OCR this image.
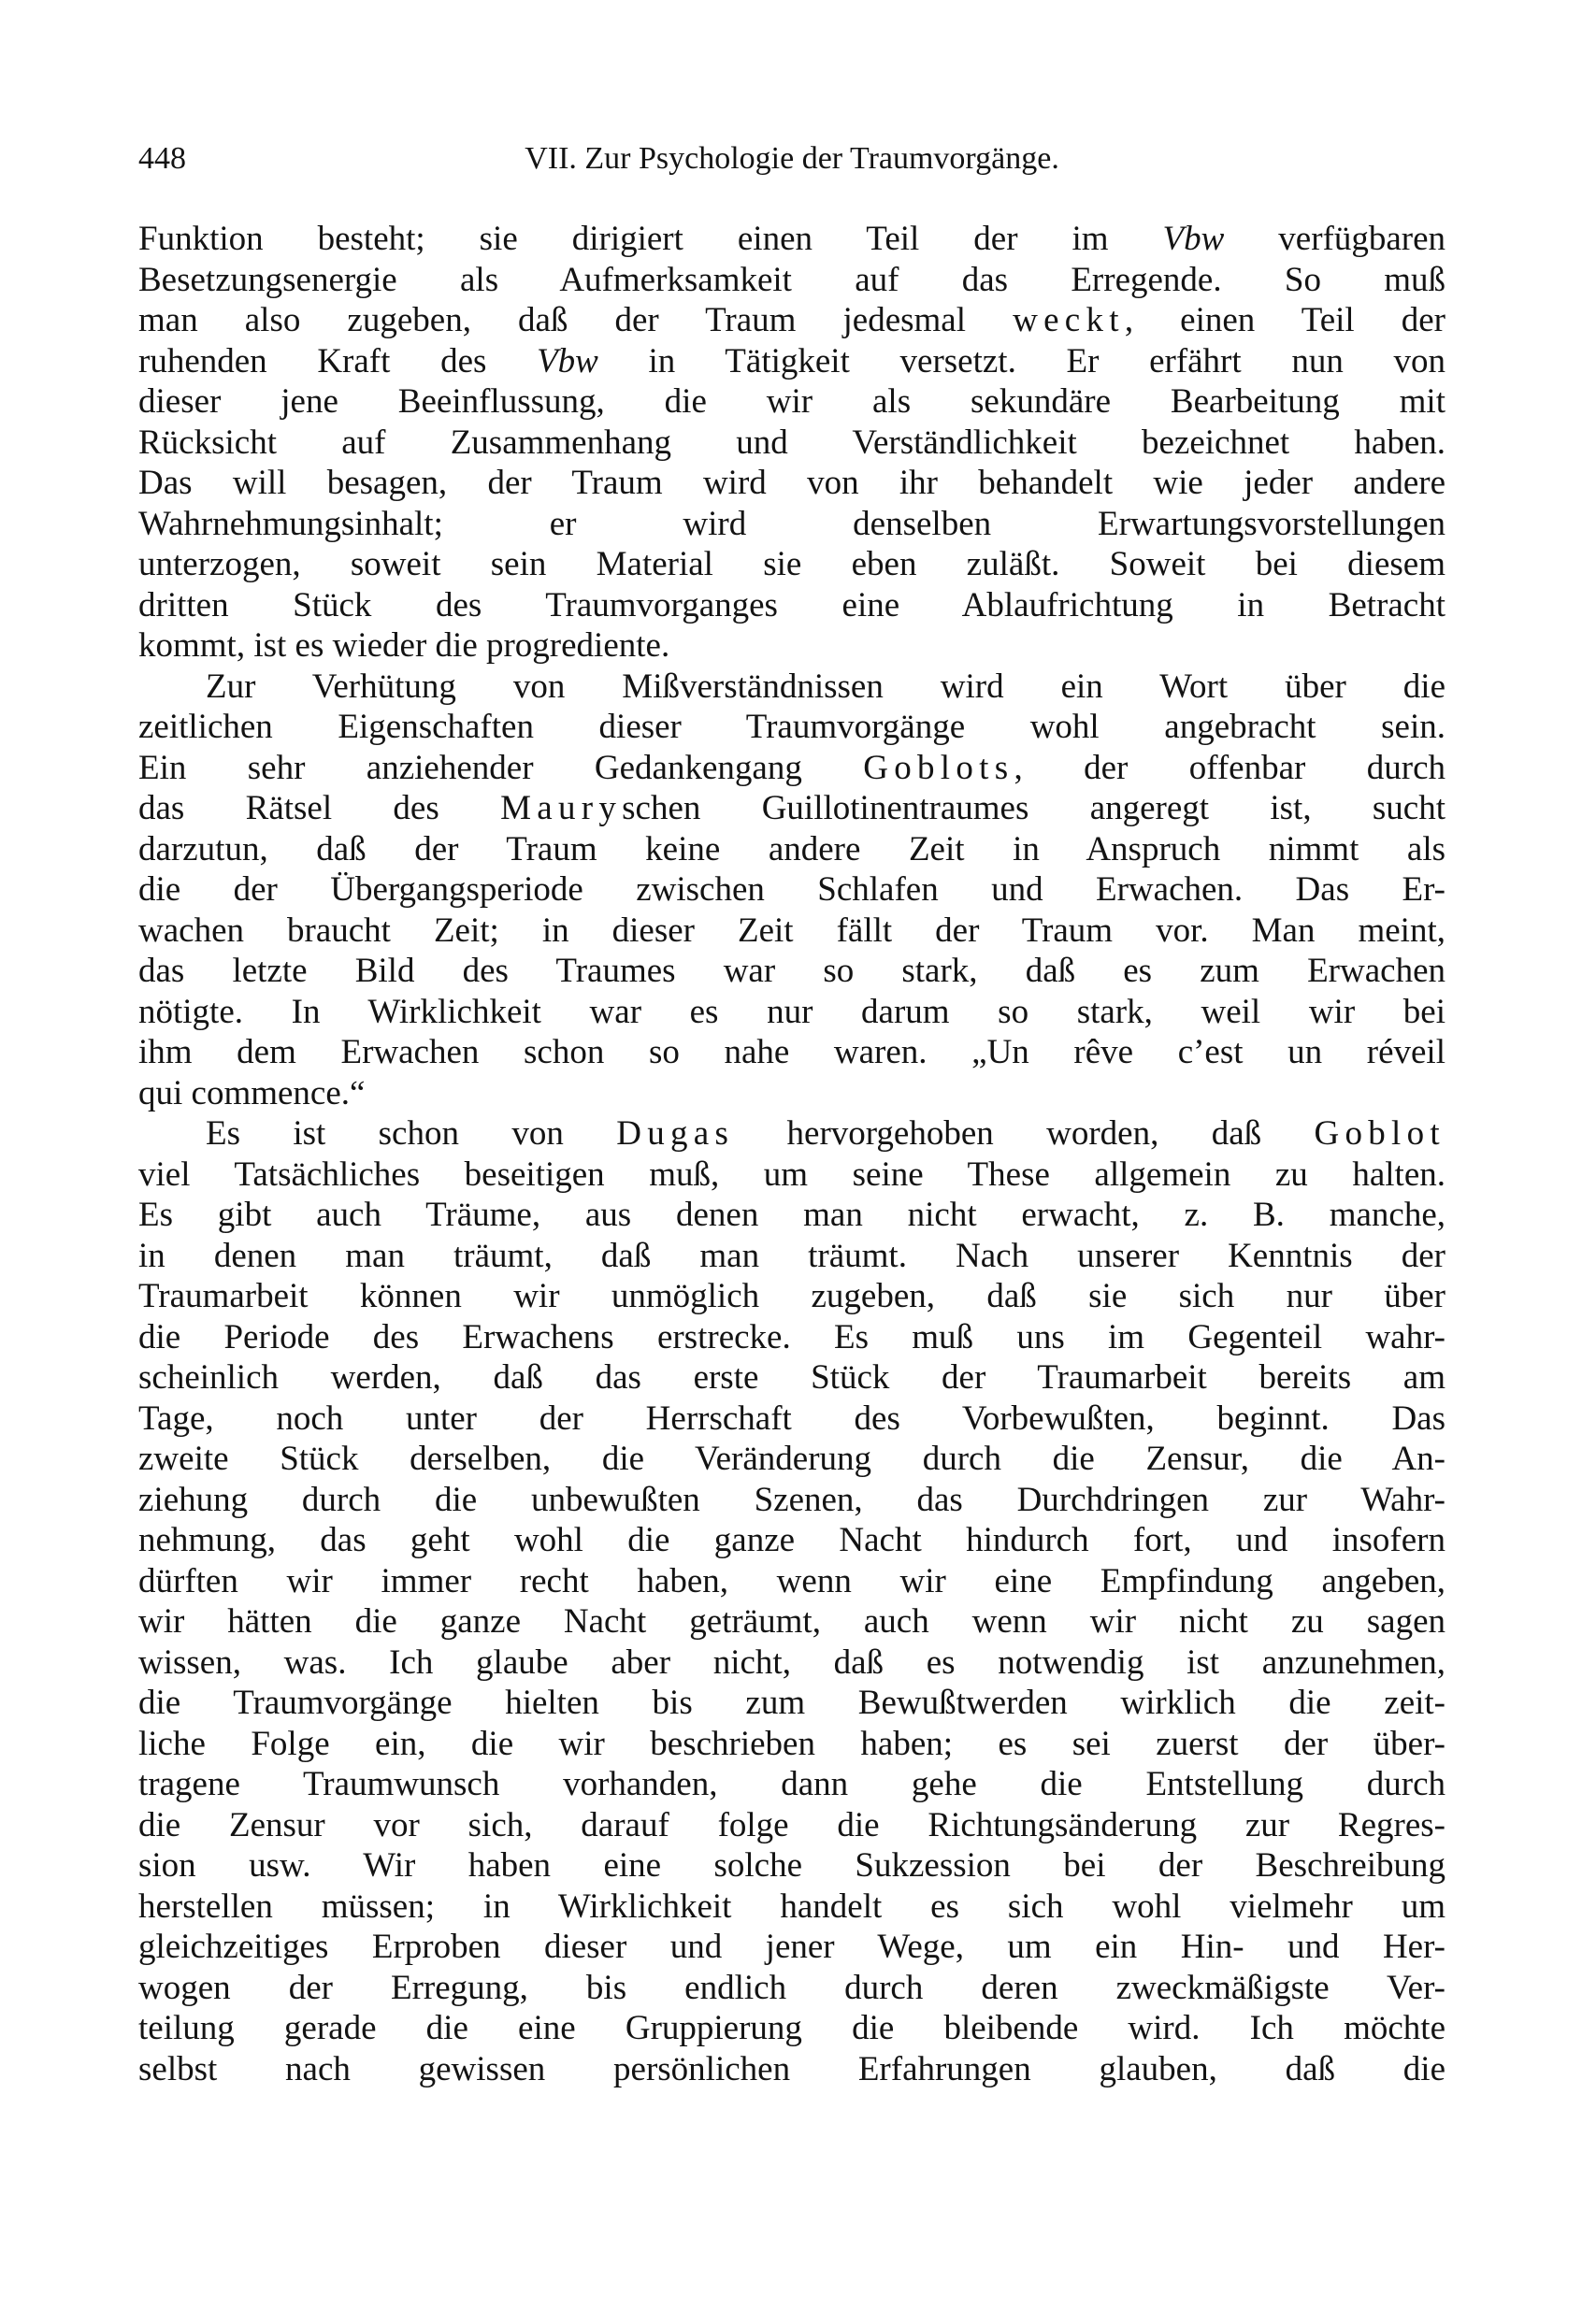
448	VII. Zur Psychologie der Traumvorgänge.
Funktion besteht; sie dirigiert einen Teil der im Vbw verfügbaren
Besetzungsenergie als Aufmerksamkeit auf das Erregende. So muß
man also zugeben, daß der Traum jedesmal weckt, einen Teil der
ruhenden Kraft des Vbw in Tätigkeit versetzt. Er erfährt nun von
dieser jene Beeinflussung, die wir als sekundäre Bearbeitung mit
Rücksicht auf Zusammenhang und Verständlichkeit bezeichnet haben.
Das will besagen, der Traum wird von ihr behandelt wie jeder andere
Wahrnehmungsinhalt; er wird denselben Erwartungsvorstellungen
unterzogen, soweit sein Material sie eben zuläßt. Soweit bei diesem
dritten Stück des Traumvorganges eine Ablaufrichtung in Betracht
kommt, ist es wieder die progrediente.
Zur Verhütung von Mißverständnissen wird ein Wort über die
zeitlichen Eigenschaften dieser Traumvorgänge wohl angebracht sein.
Ein sehr anziehender Gedankengang Goblots, der offenbar durch
das Rätsel des Mauryschen Guillotinentraumes angeregt ist, sucht
darzutun, daß der Traum keine andere Zeit in Anspruch nimmt als
die der Übergangsperiode zwischen Schlafen und Erwachen. Das Er-
wachen braucht Zeit; in dieser Zeit fällt der Traum vor. Man meint,
das letzte Bild des Traumes war so stark, daß es zum Erwachen
nötigte. In Wirklichkeit war es nur darum so stark, weil wir bei
ihm dem Erwachen schon so nahe waren. „Un rêve c’est un réveil
qui commence.“
Es ist schon von Dugas hervorgehoben worden, daß Goblot
viel Tatsächliches beseitigen muß, um seine These allgemein zu halten.
Es gibt auch Träume, aus denen man nicht erwacht, z. B. manche,
in denen man träumt, daß man träumt. Nach unserer Kenntnis der
Traumarbeit können wir unmöglich zugeben, daß sie sich nur über
die Periode des Erwachens erstrecke. Es muß uns im Gegenteil wahr-
scheinlich werden, daß das erste Stück der Traumarbeit bereits am
Tage, noch unter der Herrschaft des Vorbewußten, beginnt. Das
zweite Stück derselben, die Veränderung durch die Zensur, die An-
ziehung durch die unbewußten Szenen, das Durchdringen zur Wahr-
nehmung, das geht wohl die ganze Nacht hindurch fort, und insofern
dürften wir immer recht haben, wenn wir eine Empfindung angeben,
wir hätten die ganze Nacht geträumt, auch wenn wir nicht zu sagen
wissen, was. Ich glaube aber nicht, daß es notwendig ist anzunehmen,
die Traumvorgänge hielten bis zum Bewußtwerden wirklich die zeit-
liche Folge ein, die wir beschrieben haben; es sei zuerst der über-
tragene Traumwunsch vorhanden, dann gehe die Entstellung durch
die Zensur vor sich, darauf folge die Richtungsänderung zur Regres-
sion usw. Wir haben eine solche Sukzession bei der Beschreibung
herstellen müssen; in Wirklichkeit handelt es sich wohl vielmehr um
gleichzeitiges Erproben dieser und jener Wege, um ein Hin- und Her-
wogen der Erregung, bis endlich durch deren zweckmäßigste Ver-
teilung gerade die eine Gruppierung die bleibende wird. Ich möchte
selbst nach gewissen persönlichen Erfahrungen glauben, daß die
